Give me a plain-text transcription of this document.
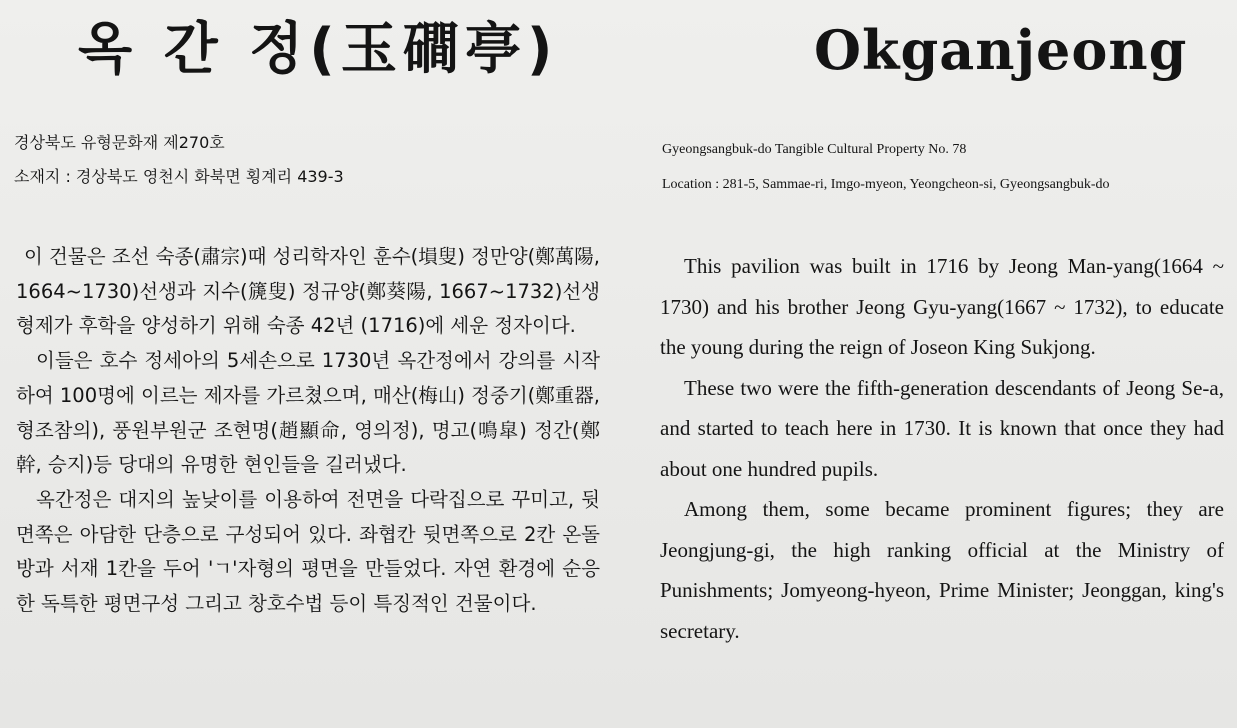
옥 간 정(玉磵亭)
경상북도 유형문화재 제270호
소재지 : 경상북도 영천시 화북면 횡계리 439-3

이 건물은 조선 숙종(肅宗)때 성리학자인 훈수(塤叟) 정만양(鄭萬陽, 1664~1730)선생과 지수(篪叟) 정규양(鄭葵陽, 1667~1732)선생 형제가 후학을 양성하기 위해 숙종 42년 (1716)에 세운 정자이다.

이들은 호수 정세아의 5세손으로 1730년 옥간정에서 강의를 시작하여 100명에 이르는 제자를 가르쳤으며, 매산(梅山) 정중기(鄭重器, 형조참의), 풍원부원군 조현명(趙顯命, 영의정), 명고(鳴皐) 정간(鄭幹, 승지)등 당대의 유명한 현인들을 길러냈다.

옥간정은 대지의 높낮이를 이용하여 전면을 다락집으로 꾸미고, 뒷면쪽은 아담한 단층으로 구성되어 있다. 좌협칸 뒷면쪽으로 2칸 온돌방과 서재 1칸을 두어 'ㄱ'자형의 평면을 만들었다. 자연 환경에 순응한 독특한 평면구성 그리고 창호수법 등이 특징적인 건물이다.

Okganjeong
Gyeongsangbuk-do Tangible Cultural Property No. 78
Location : 281-5, Sammae-ri, Imgo-myeon, Yeongcheon-si, Gyeongsangbuk-do

This pavilion was built in 1716 by Jeong Man-yang(1664 ~ 1730) and his brother Jeong Gyu-yang(1667 ~ 1732), to educate the young during the reign of Joseon King Sukjong.

These two were the fifth-generation descendants of Jeong Se-a, and started to teach here in 1730. It is known that once they had about one hundred pupils.

Among them, some became prominent figures; they are Jeongjung-gi, the high ranking official at the Ministry of Punishments; Jomyeong-hyeon, Prime Minister; Jeonggan, king's secretary.
